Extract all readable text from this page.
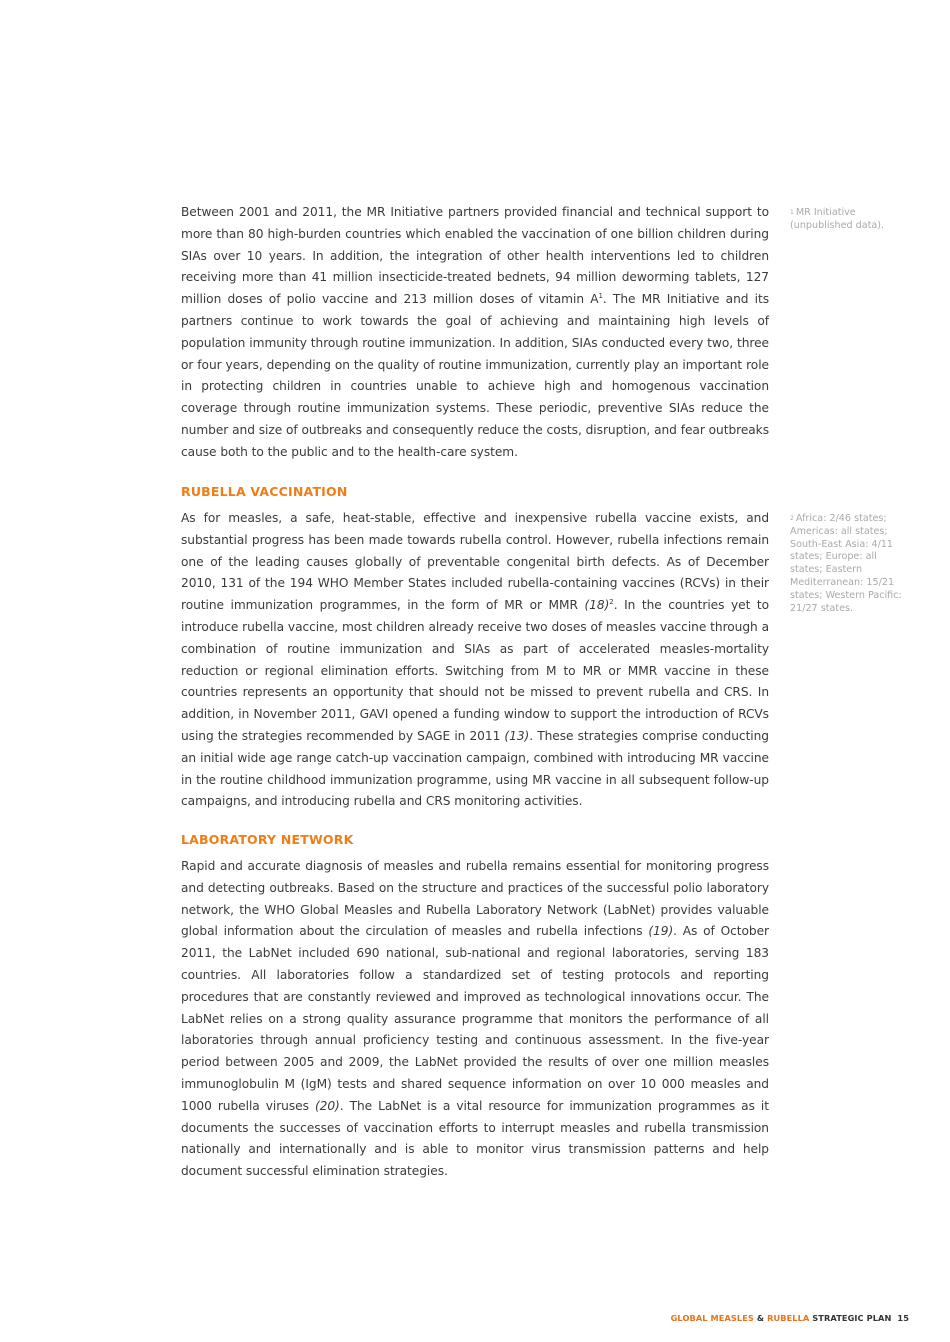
Between 2001 and 2011, the MR Initiative partners provided financial and technical support to more than 80 high-burden countries which enabled the vaccination of one billion children during SIAs over 10 years. In addition, the integration of other health interventions led to children receiving more than 41 million insecticide-treated bednets, 94 million deworming tablets, 127 million doses of polio vaccine and 213 million doses of vitamin $A^1$. The MR Initiative and its partners continue to work towards the goal of achieving and maintaining high levels of population immunity through routine immunization. In addition, SIAs conducted every two, three or four years, depending on the quality of routine immunization, currently play an important role in protecting children in countries unable to achieve high and homogenous vaccination coverage through routine immunization systems. These periodic, preventive SIAs reduce the number and size of outbreaks and consequently reduce the costs, disruption, and fear outbreaks cause both to the public and to the health-care system.

RUBELLA VACCINATION

As for measles, a safe, heat-stable, effective and inexpensive rubella vaccine exists, and substantial progress has been made towards rubella control. However, rubella infections remain one of the leading causes globally of preventable congenital birth defects. As of December 2010, 131 of the 194 WHO Member States included rubella-containing vaccines (RCVs) in their routine immunization programmes, in the form of MR or MMR $(18)^2$. In the countries yet to introduce rubella vaccine, most children already receive two doses of measles vaccine through a combination of routine immunization and SIAs as part of accelerated measles-mortality reduction or regional elimination efforts. Switching from M to MR or MMR vaccine in these countries represents an opportunity that should not be missed to prevent rubella and CRS. In addition, in November 2011, GAVI opened a funding window to support the introduction of RCVs using the strategies recommended by SAGE in 2011 (13). These strategies comprise conducting an initial wide age range catch-up vaccination campaign, combined with introducing MR vaccine in the routine childhood immunization programme, using MR vaccine in all subsequent follow-up campaigns, and introducing rubella and CRS monitoring activities.

LABORATORY NETWORK

Rapid and accurate diagnosis of measles and rubella remains essential for monitoring progress and detecting outbreaks. Based on the structure and practices of the successful polio laboratory network, the WHO Global Measles and Rubella Laboratory Network (LabNet) provides valuable global information about the circulation of measles and rubella infections (19). As of October 2011, the LabNet included 690 national, sub-national and regional laboratories, serving 183 countries. All laboratories follow a standardized set of testing protocols and reporting procedures that are constantly reviewed and improved as technological innovations occur. The LabNet relies on a strong quality assurance programme that monitors the performance of all laboratories through annual proficiency testing and continuous assessment. In the five-year period between 2005 and 2009, the LabNet provided the results of over one million measles immunoglobulin M (IgM) tests and shared sequence information on over 10 000 measles and 1000 rubella viruses (20). The LabNet is a vital resource for immunization programmes as it documents the successes of vaccination efforts to interrupt measles and rubella transmission nationally and internationally and is able to monitor virus transmission patterns and help document successful elimination strategies.

$^1$ MR Initiative (unpublished data).
$^2$ Africa: 2/46 states; Americas: all states; South-East Asia: 4/11 states; Europe: all states; Eastern Mediterranean: 15/21 states; Western Pacific: 21/27 states.
GLOBAL MEASLES & RUBELLA STRATEGIC PLAN 15
